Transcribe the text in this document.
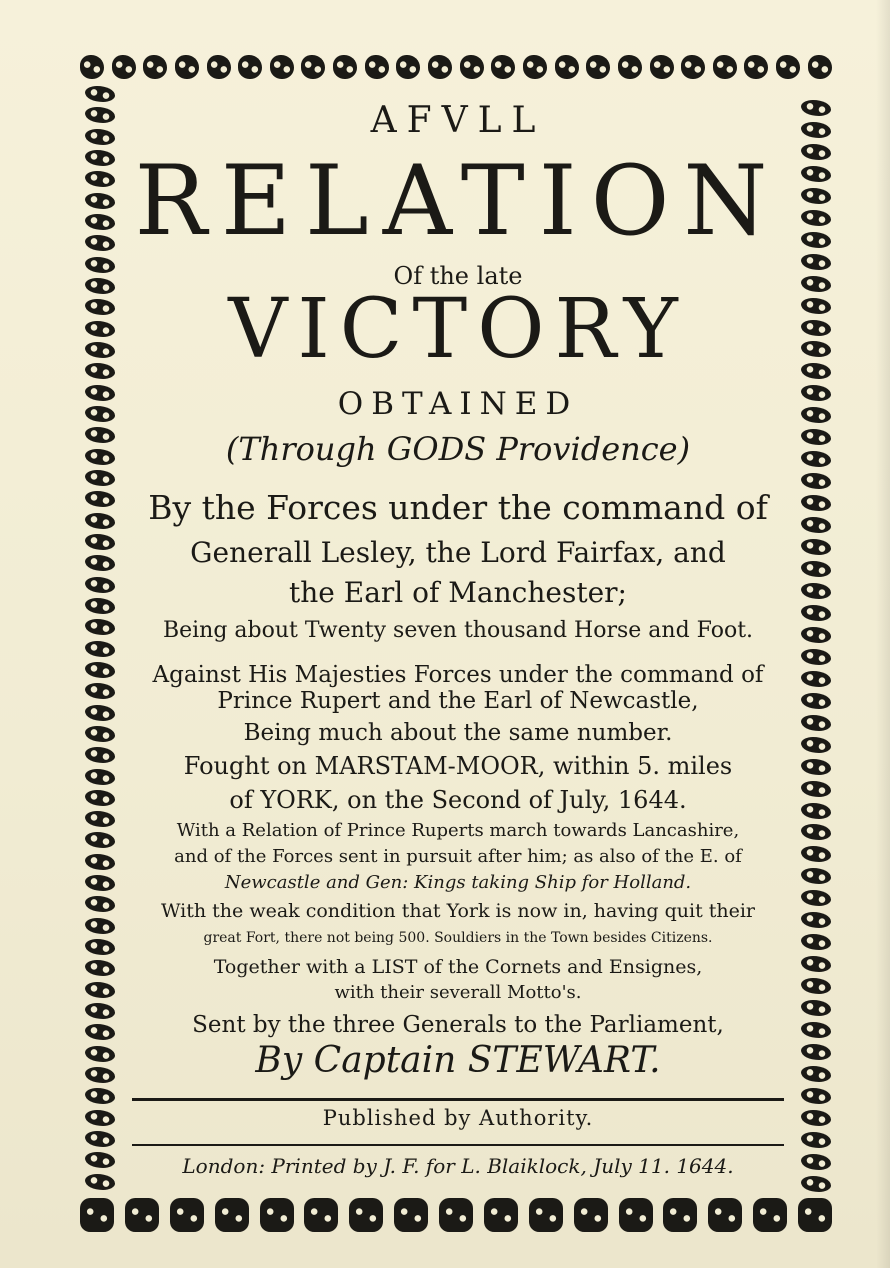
AFVLL
RELATION
Of the late
VICTORY
OBTAINED
(Through GODS Providence)
By the Forces under the command of
Generall Lesley, the Lord Fairfax, and
the Earl of Manchester;
Being about Twenty seven thousand Horse and Foot.
Against His Majesties Forces under the command of
Prince Rupert and the Earl of Newcastle,
Being much about the same number.
Fought on MARSTAM-MOOR, within 5. miles
of YORK, on the Second of July, 1644.
With a Relation of Prince Ruperts march towards Lancashire,
and of the Forces sent in pursuit after him; as also of the E. of
Newcastle and Gen: Kings taking Ship for Holland.
With the weak condition that York is now in, having quit their
great Fort, there not being 500. Souldiers in the Town besides Citizens.
Together with a LIST of the Cornets and Ensignes,
with their severall Motto's.
Sent by the three Generals to the Parliament,
By Captain STEWART.
Published by Authority.
London: Printed by J. F. for L. Blaiklock, July 11. 1644.
